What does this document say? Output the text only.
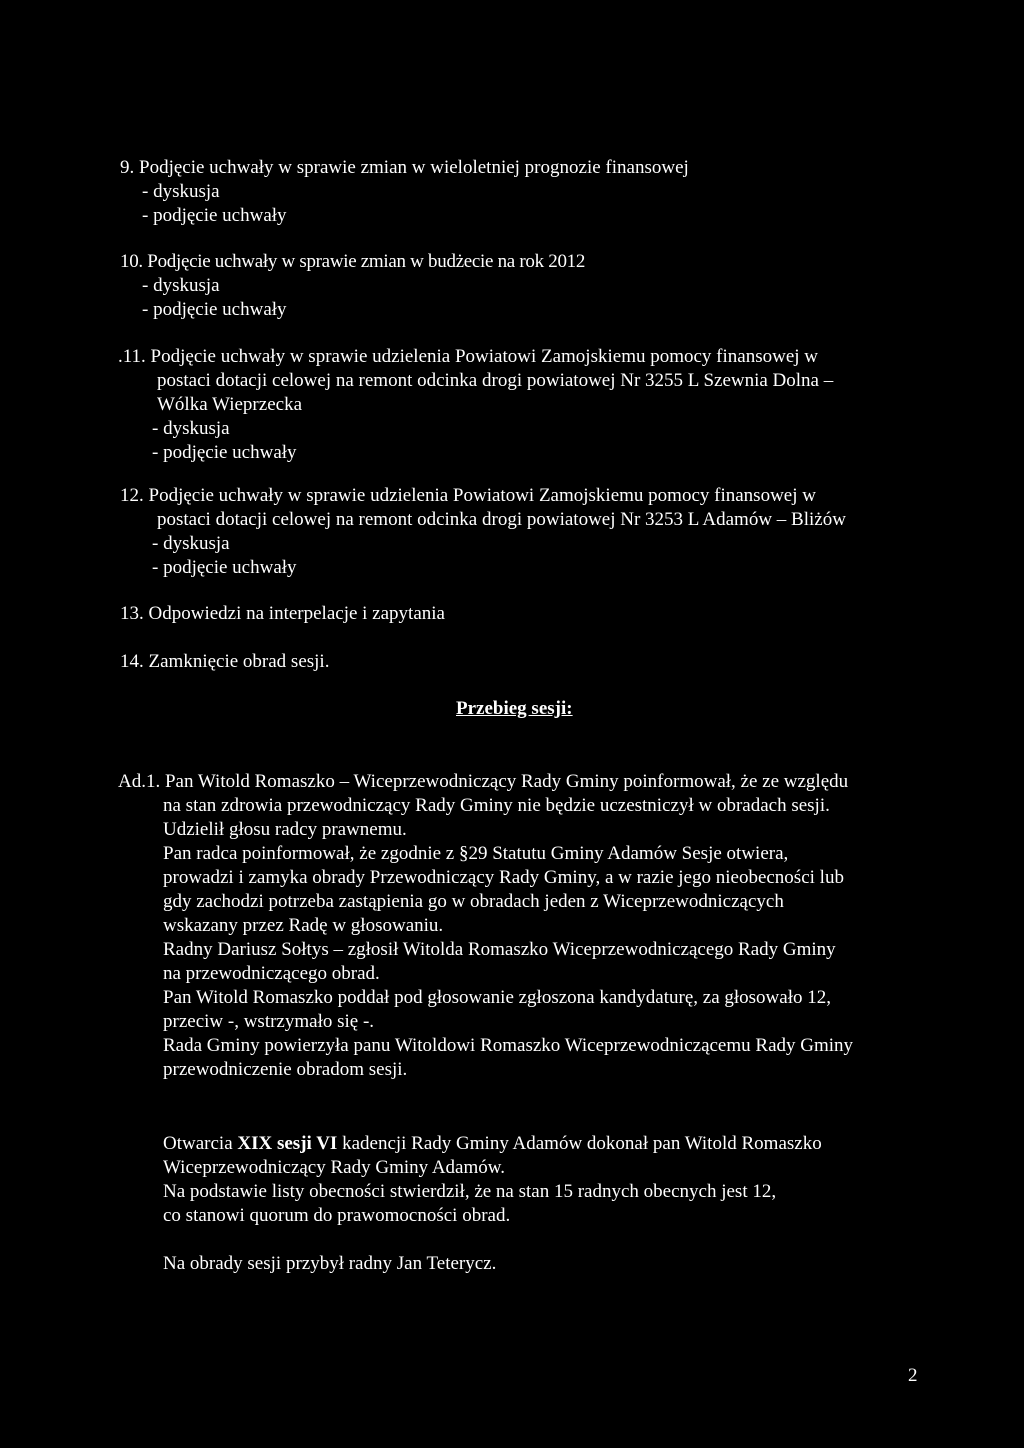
9. Podjęcie uchwały w sprawie zmian w wieloletniej prognozie finansowej
- dyskusja
- podjęcie uchwały
10. Podjęcie uchwały w sprawie zmian w budżecie na rok 2012
- dyskusja
- podjęcie uchwały
.11. Podjęcie uchwały w sprawie udzielenia Powiatowi Zamojskiemu pomocy finansowej w
postaci dotacji celowej na remont odcinka drogi powiatowej Nr 3255 L Szewnia Dolna –
Wólka Wieprzecka
- dyskusja
- podjęcie uchwały
12. Podjęcie uchwały w sprawie udzielenia Powiatowi Zamojskiemu pomocy finansowej w
postaci dotacji celowej na remont odcinka drogi powiatowej Nr 3253 L Adamów – Bliżów
- dyskusja
- podjęcie uchwały
13. Odpowiedzi na interpelacje i zapytania
14. Zamknięcie obrad sesji.
Przebieg sesji:
Ad.1. Pan Witold Romaszko – Wiceprzewodniczący Rady Gminy poinformował, że ze względu
na stan zdrowia przewodniczący Rady Gminy nie będzie uczestniczył w obradach sesji.
Udzielił głosu radcy prawnemu.
Pan radca poinformował, że zgodnie z §29 Statutu Gminy Adamów Sesje otwiera,
prowadzi i zamyka obrady Przewodniczący Rady Gminy, a w razie jego nieobecności lub
gdy zachodzi potrzeba zastąpienia go w obradach jeden z Wiceprzewodniczących
wskazany przez Radę w głosowaniu.
Radny Dariusz Sołtys – zgłosił Witolda Romaszko Wiceprzewodniczącego Rady Gminy
na przewodniczącego obrad.
Pan Witold Romaszko poddał pod głosowanie zgłoszona kandydaturę, za głosowało 12,
przeciw -, wstrzymało się -.
Rada Gminy powierzyła panu Witoldowi Romaszko Wiceprzewodniczącemu Rady Gminy
przewodniczenie obradom sesji.
Otwarcia XIX sesji VI kadencji Rady Gminy Adamów dokonał pan Witold Romaszko
Wiceprzewodniczący Rady Gminy Adamów.
Na podstawie listy obecności stwierdził, że na stan 15 radnych obecnych jest 12,
co stanowi quorum do prawomocności obrad.
Na obrady sesji przybył radny Jan Teterycz.
2
